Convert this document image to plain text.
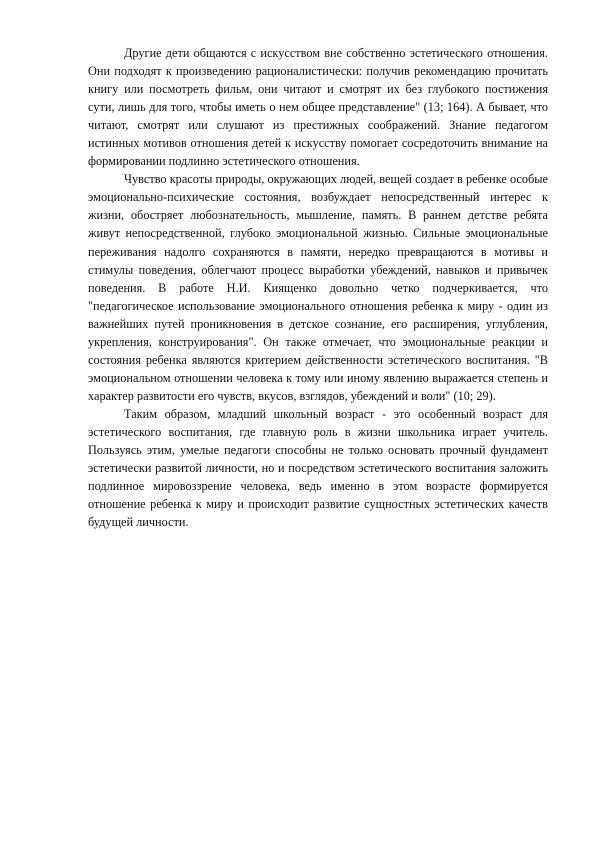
Другие дети общаются с искусством вне собственно эстетического отношения. Они подходят к произведению рационалистически: получив рекомендацию прочитать книгу или посмотреть фильм, они читают и смотрят их без глубокого постижения сути, лишь для того, чтобы иметь о нем общее представление" (13; 164). А бывает, что читают, смотрят или слушают из престижных соображений. Знание педагогом истинных мотивов отношения детей к искусству помогает сосредоточить внимание на формировании подлинно эстетического отношения.

Чувство красоты природы, окружающих людей, вещей создает в ребенке особые эмоционально-психические состояния, возбуждает непосредственный интерес к жизни, обостряет любознательность, мышление, память. В раннем детстве ребята живут непосредственной, глубоко эмоциональной жизнью. Сильные эмоциональные переживания надолго сохраняются в памяти, нередко превращаются в мотивы и стимулы поведения, облегчают процесс выработки убеждений, навыков и привычек поведения. В работе Н.И. Киященко довольно четко подчеркивается, что "педагогическое использование эмоционального отношения ребенка к миру - один из важнейших путей проникновения в детское сознание, его расширения, углубления, укрепления, конструирования". Он также отмечает, что эмоциональные реакции и состояния ребенка являются критерием действенности эстетического воспитания. "В эмоциональном отношении человека к тому или иному явлению выражается степень и характер развитости его чувств, вкусов, взглядов, убеждений и воли" (10; 29).

Таким образом, младший школьный возраст - это особенный возраст для эстетического воспитания, где главную роль в жизни школьника играет учитель. Пользуясь этим, умелые педагоги способны не только основать прочный фундамент эстетически развитой личности, но и посредством эстетического воспитания заложить подлинное мировоззрение человека, ведь именно в этом возрасте формируется отношение ребенка к миру и происходит развитие сущностных эстетических качеств будущей личности.
